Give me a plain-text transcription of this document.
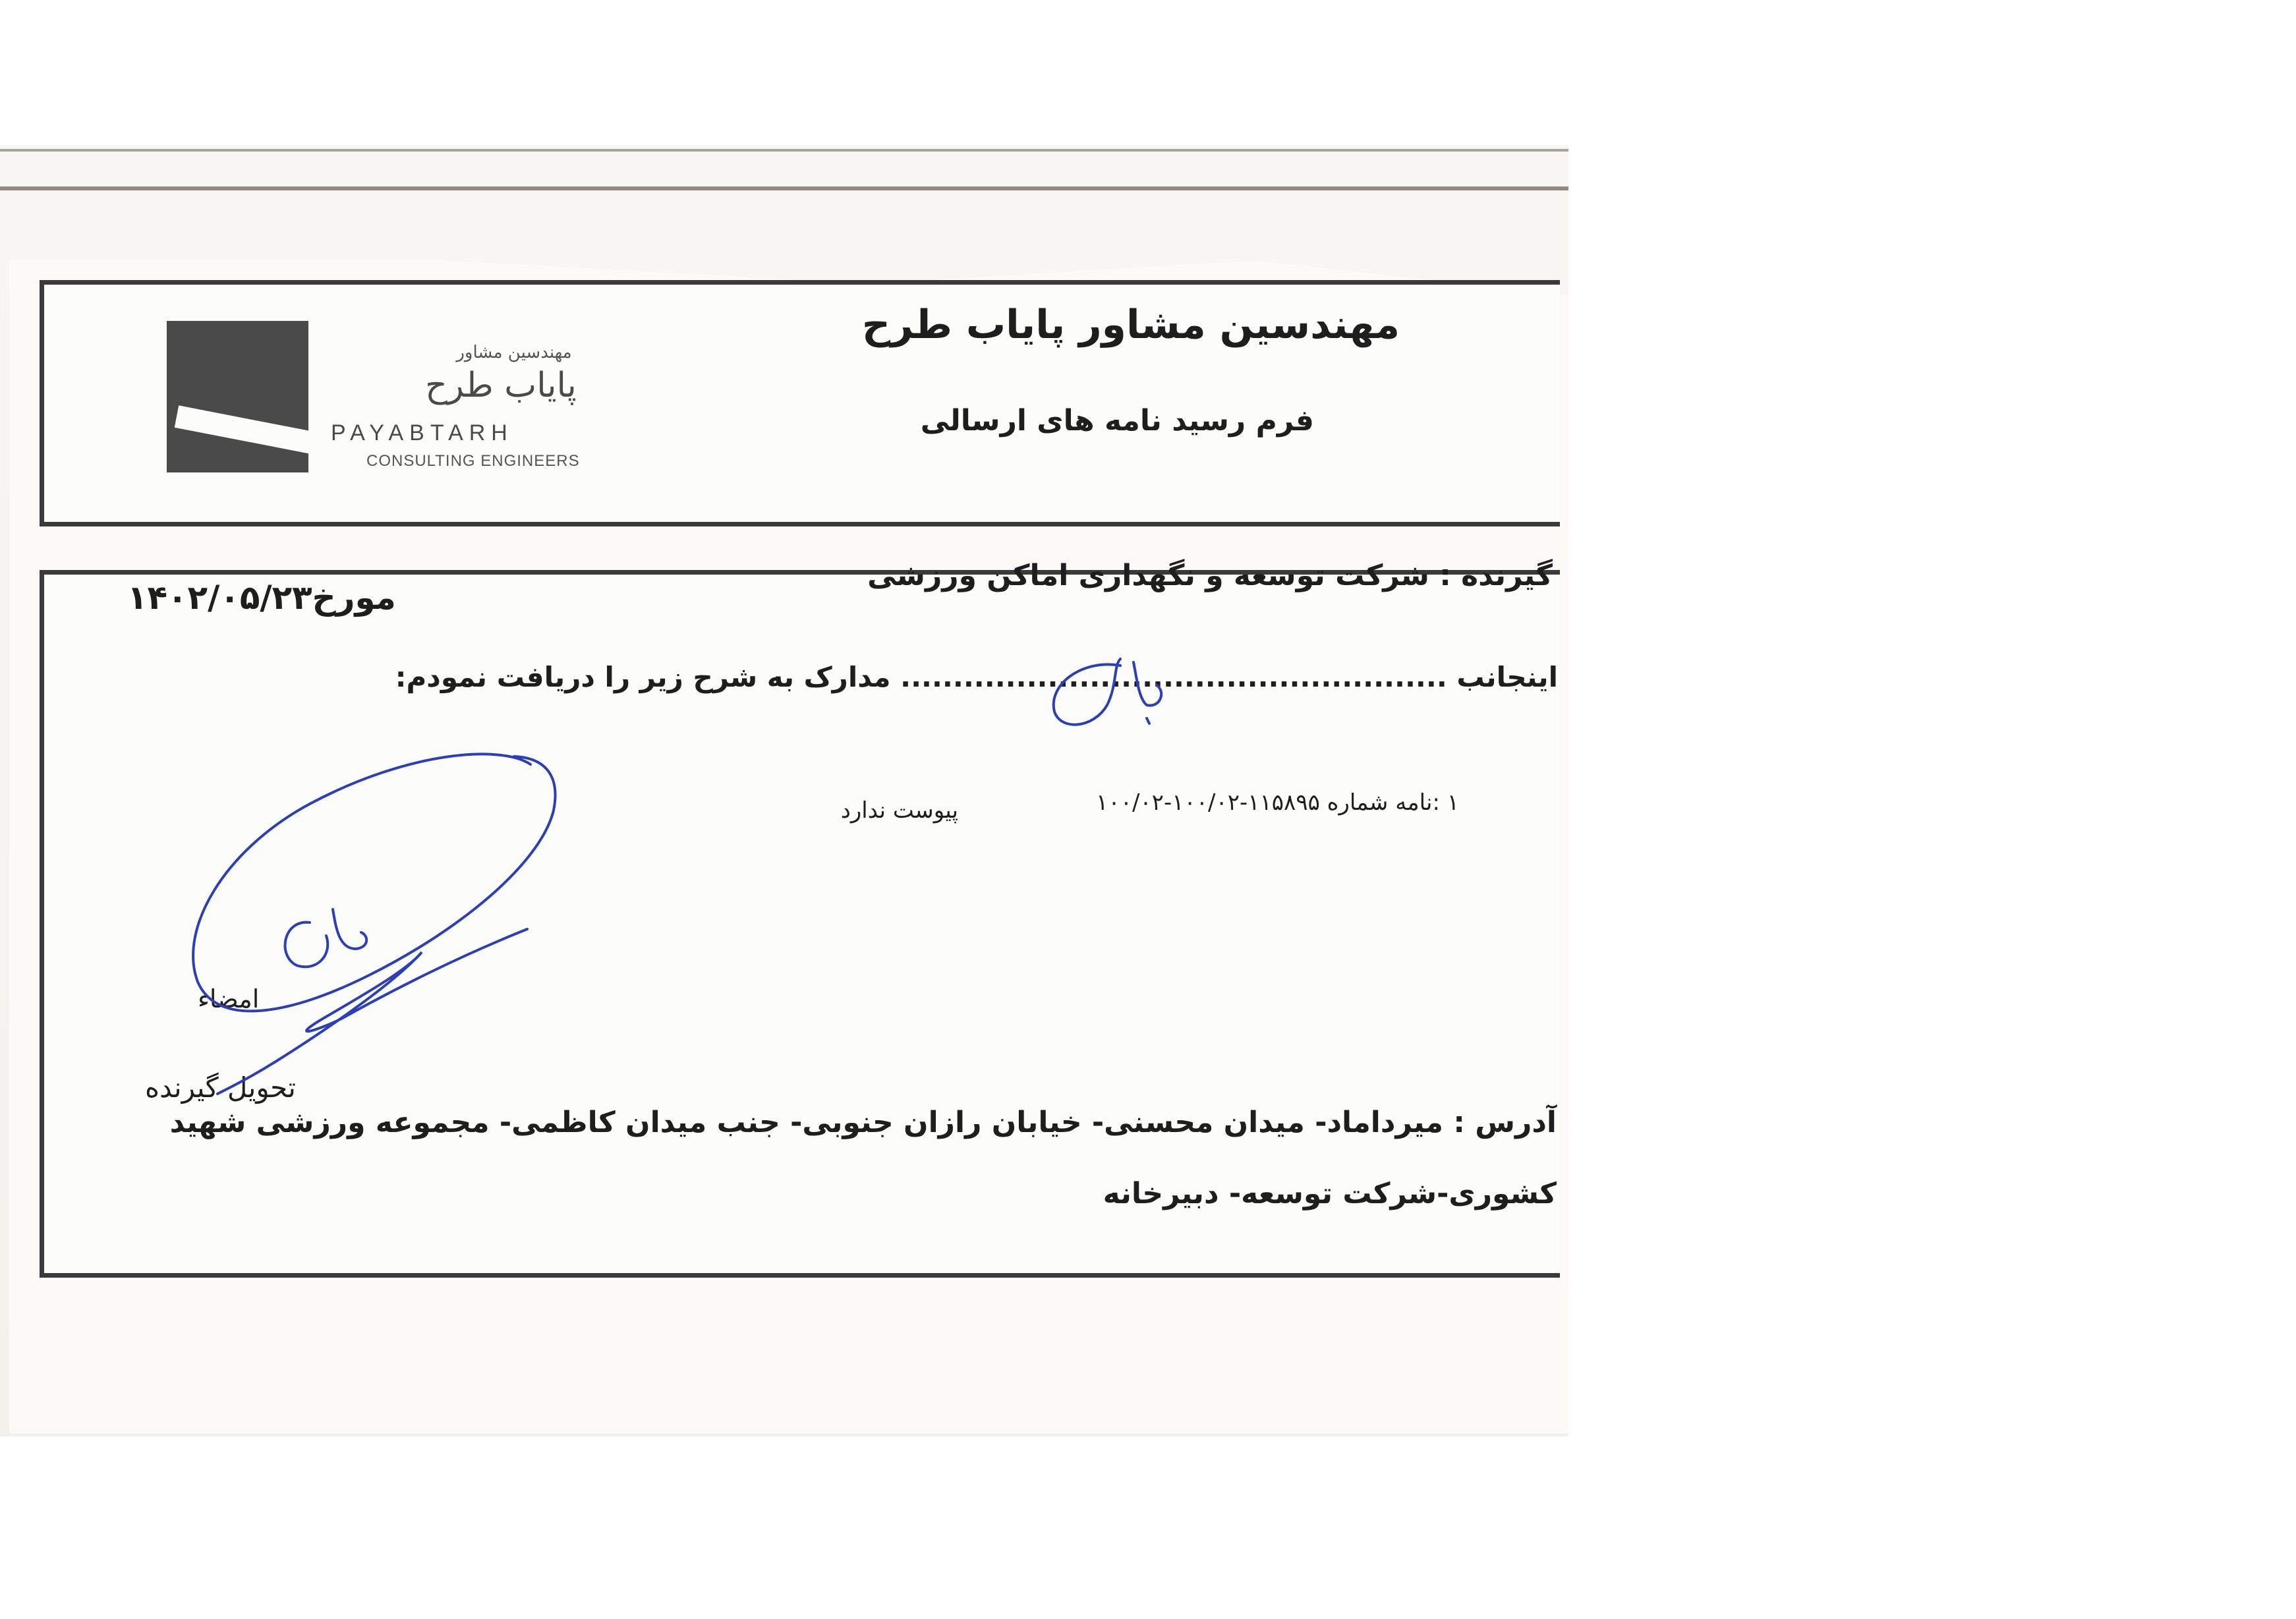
مهندسین مشاور
پایاب طرح
PAYABTARH
CONSULTING ENGINEERS
مهندسین مشاور پایاب طرح
فرم رسید نامه های ارسالی
گیرنده : شرکت توسعه و نگهداری اماکن ورزشی
مورخ۱۴۰۲/۰۵/۲۳
اینجانب .................................................... مدارک به شرح زیر را دریافت نمودم:
۱ :نامه شماره ۱۱۵۸۹۵-۱۰۰/۰۲-۱۰۰/۰۲
پیوست ندارد
امضاء
تحویل گیرنده
آدرس : میرداماد- میدان محسنی- خیابان رازان جنوبی- جنب میدان کاظمی- مجموعه ورزشی شهید
کشوری-شرکت توسعه- دبیرخانه
